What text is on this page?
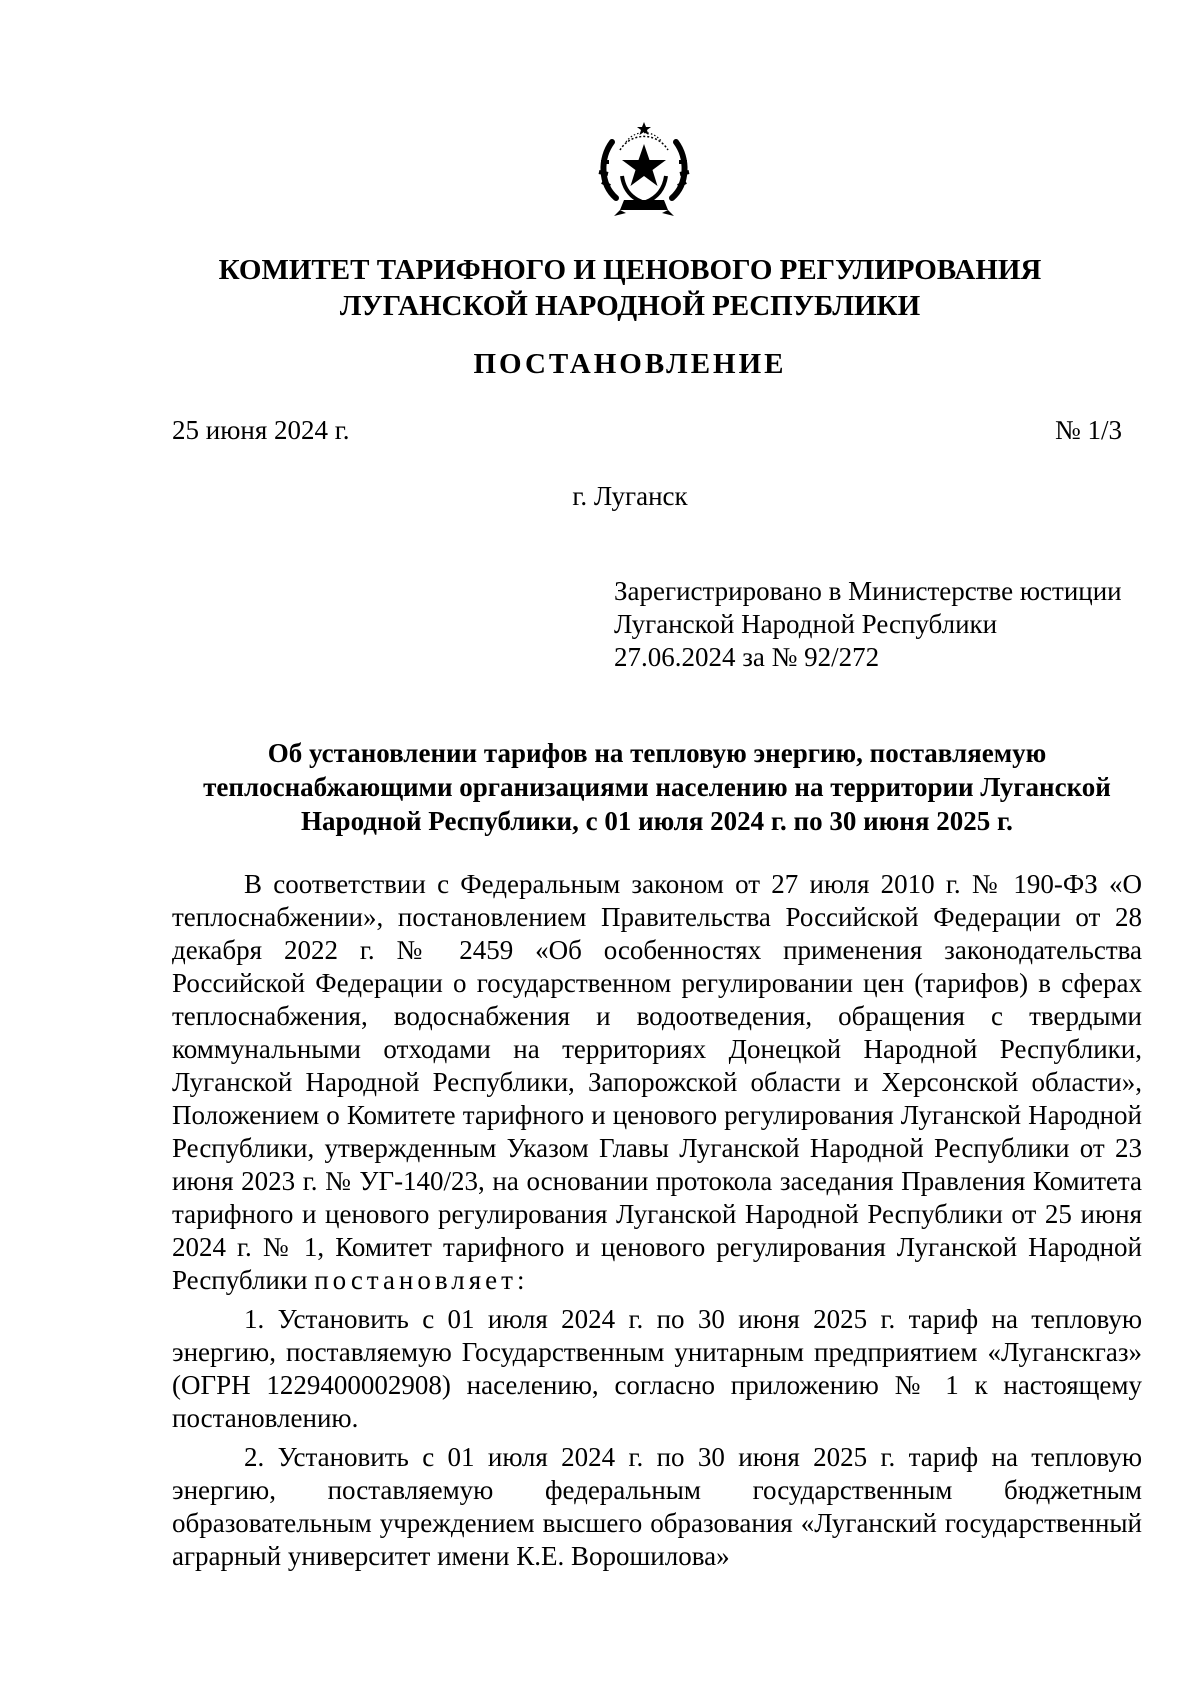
КОМИТЕТ ТАРИФНОГО И ЦЕНОВОГО РЕГУЛИРОВАНИЯ
ЛУГАНСКОЙ НАРОДНОЙ РЕСПУБЛИКИ
ПОСТАНОВЛЕНИЕ
25 июня 2024 г.	№ 1/3
г. Луганск
Зарегистрировано в Министерстве юстиции
Луганской Народной Республики
27.06.2024 за № 92/272
Об установлении тарифов на тепловую энергию, поставляемую теплоснабжающими организациями населению на территории Луганской Народной Республики, с 01 июля 2024 г. по 30 июня 2025 г.

В соответствии с Федеральным законом от 27 июля 2010 г. № 190-ФЗ «О теплоснабжении», постановлением Правительства Российской Федерации от 28 декабря 2022 г. № 2459 «Об особенностях применения законодательства Российской Федерации о государственном регулировании цен (тарифов) в сферах теплоснабжения, водоснабжения и водоотведения, обращения с твердыми коммунальными отходами на территориях Донецкой Народной Республики, Луганской Народной Республики, Запорожской области и Херсонской области», Положением о Комитете тарифного и ценового регулирования Луганской Народной Республики, утвержденным Указом Главы Луганской Народной Республики от 23 июня 2023 г. № УГ-140/23, на основании протокола заседания Правления Комитета тарифного и ценового регулирования Луганской Народной Республики от 25 июня 2024 г. № 1, Комитет тарифного и ценового регулирования Луганской Народной Республики постановляет:

1. Установить с 01 июля 2024 г. по 30 июня 2025 г. тариф на тепловую энергию, поставляемую Государственным унитарным предприятием «Луганскгаз» (ОГРН 1229400002908) населению, согласно приложению № 1 к настоящему постановлению.

2. Установить с 01 июля 2024 г. по 30 июня 2025 г. тариф на тепловую энергию, поставляемую федеральным государственным бюджетным образовательным учреждением высшего образования «Луганский государственный аграрный университет имени К.Е. Ворошилова»
